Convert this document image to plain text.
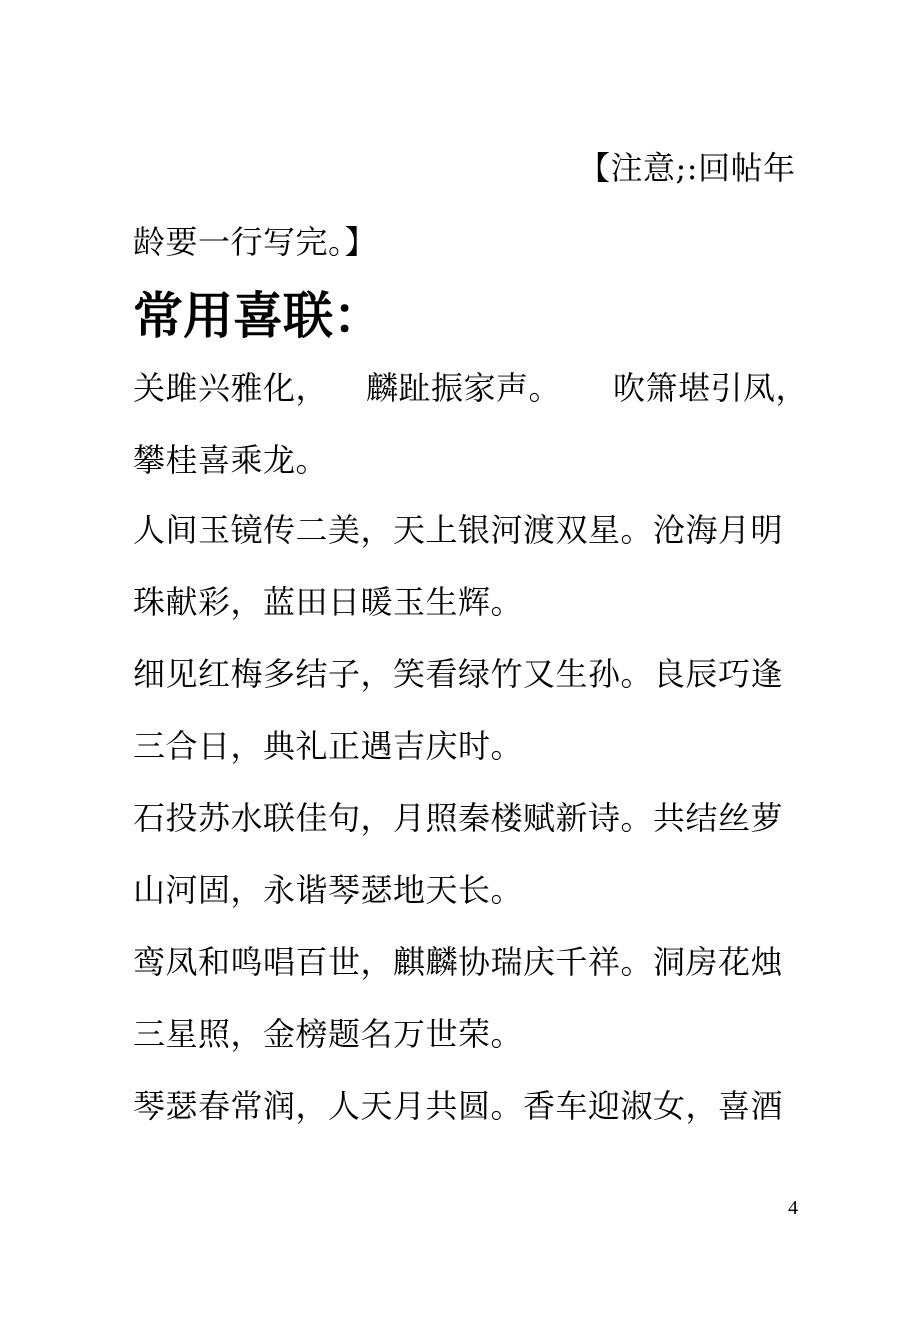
【注意;:回帖年
龄要一行写完。】
常用喜联：
关雎兴雅化， 麟趾振家声。 吹箫堪引凤，
攀桂喜乘龙。
人间玉镜传二美，天上银河渡双星。沧海月明
珠献彩，蓝田日暖玉生辉。
细见红梅多结子，笑看绿竹又生孙。良辰巧逢
三合日，典礼正遇吉庆时。
石投苏水联佳句，月照秦楼赋新诗。共结丝萝
山河固，永谐琴瑟地天长。
鸾凤和鸣唱百世，麒麟协瑞庆千祥。洞房花烛
三星照，金榜题名万世荣。
琴瑟春常润，人天月共圆。香车迎淑女，喜酒
4
